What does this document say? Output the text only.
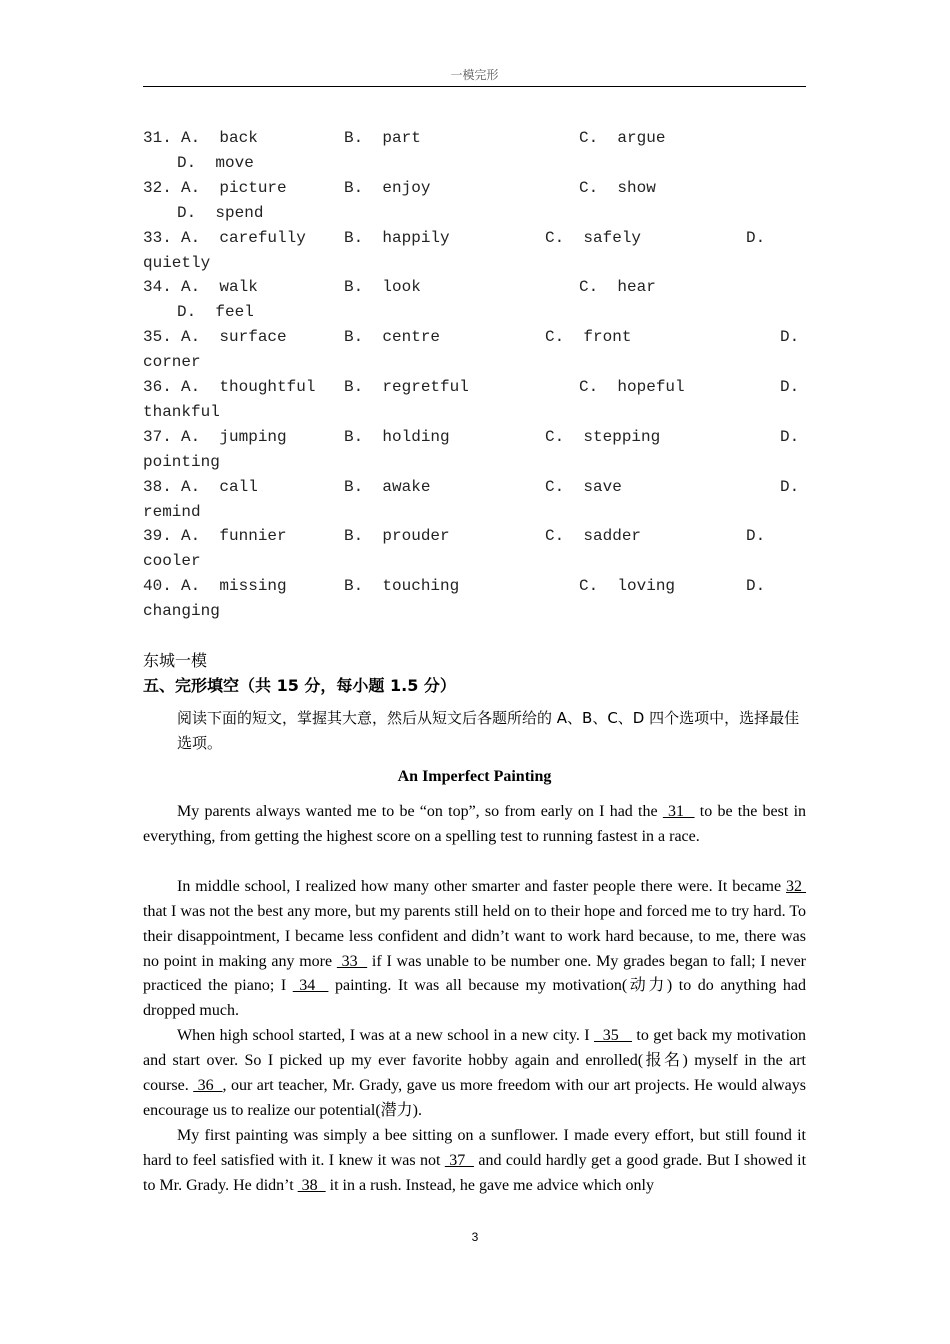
一模完形
31. A.  back	B.  part	C.  argue
D.  move
32. A.  picture	B.  enjoy	C.  show
D.  spend
33. A.  carefully B.  happily	C.  safely	D.
quietly
34. A.  walk	B.  look	C.  hear
D.  feel
35. A.  surface	B.  centre	C.  front	D.
corner
36. A.  thoughtful B.  regretful	C.  hopeful	D.
thankful
37. A.  jumping	B.  holding	C.  stepping	D.
pointing
38. A.  call	B.  awake	C.  save	D.
remind
39. A.  funnier	B.  prouder	C.  sadder	D.
cooler
40. A.  missing	B.  touching	C.  loving	D.
changing
东城一模
五、完形填空（共 15 分，每小题 1.5 分）
阅读下面的短文，掌握其大意，然后从短文后各题所给的 A、B、C、D 四个选项中，选择最佳选项。
An Imperfect Painting

My parents always wanted me to be “on top”, so from early on I had the  31   to be the best in everything, from getting the highest score on a spelling test to running fastest in a race.

In middle school, I realized how many other smarter and faster people there were. It became 32  that I was not the best any more, but my parents still held on to their hope and forced me to try hard. To their disappointment, I became less confident and didn’t want to work hard because, to me, there was no point in making any more  33   if I was unable to be number one. My grades began to fall; I never practiced the piano; I  34   painting. It was all because my motivation(动力) to do anything had dropped much.

When high school started, I was at a new school in a new city. I   35    to get back my motivation and start over. So I picked up my ever favorite hobby again and enrolled(报名) myself in the art course.  36  , our art teacher, Mr. Grady, gave us more freedom with our art projects. He would always encourage us to realize our potential(潜力).

My first painting was simply a bee sitting on a sunflower. I made every effort, but still found it hard to feel satisfied with it. I knew it was not  37   and could hardly get a good grade. But I showed it to Mr. Grady. He didn’t  38   it in a rush. Instead, he gave me advice which only

3
